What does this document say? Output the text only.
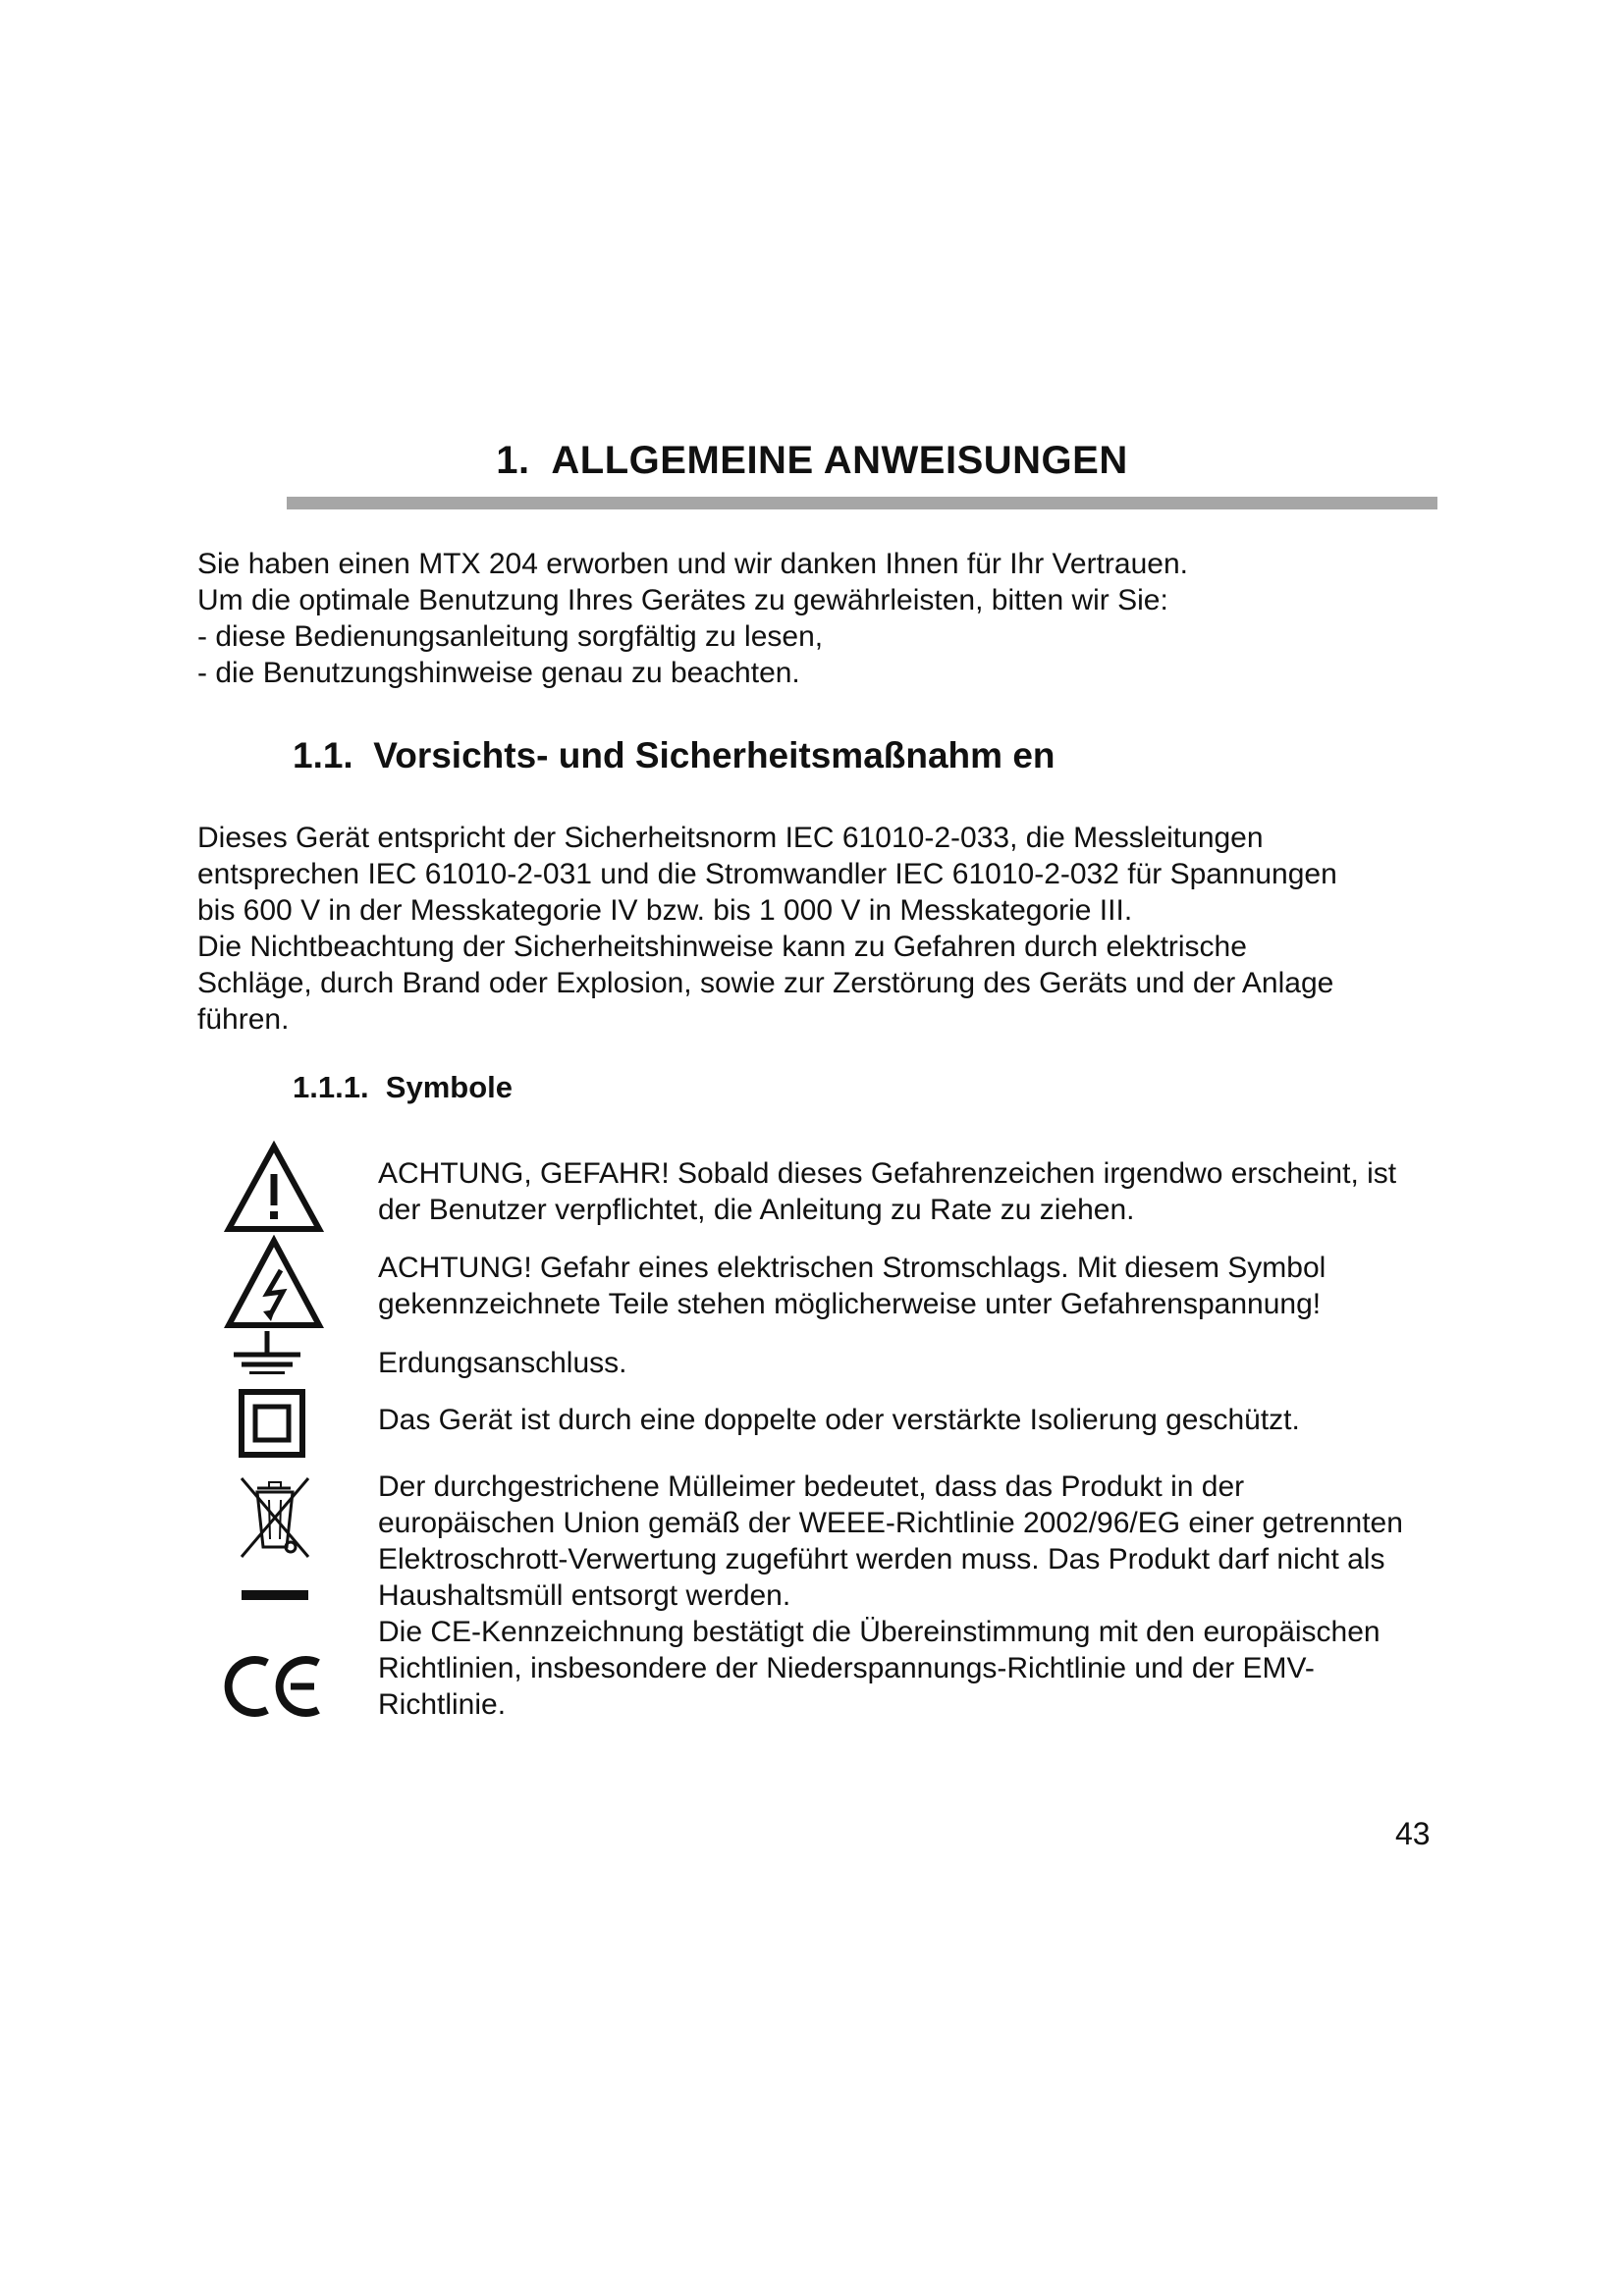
1. ALLGEMEINE ANWEISUNGEN

Sie haben einen MTX 204 erworben und wir danken Ihnen für Ihr Vertrauen.

Um die optimale Benutzung Ihres Gerätes zu gewährleisten, bitten wir Sie:

- diese Bedienungsanleitung sorgfältig zu lesen,

- die Benutzungshinweise genau zu beachten.

1.1. Vorsichts- und Sicherheitsmaßnahm en

Dieses Gerät entspricht der Sicherheitsnorm IEC 61010-2-033, die Messleitungen

entsprechen IEC 61010-2-031 und die Stromwandler IEC 61010-2-032 für Spannungen

bis 600 V in der Messkategorie IV bzw. bis 1 000 V in Messkategorie III.

Die Nichtbeachtung der Sicherheitshinweise kann zu Gefahren durch elektrische

Schläge, durch Brand oder Explosion, sowie zur Zerstörung des Geräts und der Anlage

führen.

1.1.1. Symbole

ACHTUNG, GEFAHR! Sobald dieses Gefahrenzeichen irgendwo erscheint, ist

der Benutzer verpflichtet, die Anleitung zu Rate zu ziehen.

ACHTUNG! Gefahr eines elektrischen Stromschlags. Mit diesem Symbol

gekennzeichnete Teile stehen möglicherweise unter Gefahrenspannung!

Erdungsanschluss.

Das Gerät ist durch eine doppelte oder verstärkte Isolierung geschützt.

Der durchgestrichene Mülleimer bedeutet, dass das Produkt in der

europäischen Union gemäß der WEEE-Richtlinie 2002/96/EG einer getrennten

Elektroschrott-Verwertung zugeführt werden muss. Das Produkt darf nicht als

Haushaltsmüll entsorgt werden.

Die CE-Kennzeichnung bestätigt die Übereinstimmung mit den europäischen

Richtlinien, insbesondere der Niederspannungs-Richtlinie und der EMV-

Richtlinie.

43
